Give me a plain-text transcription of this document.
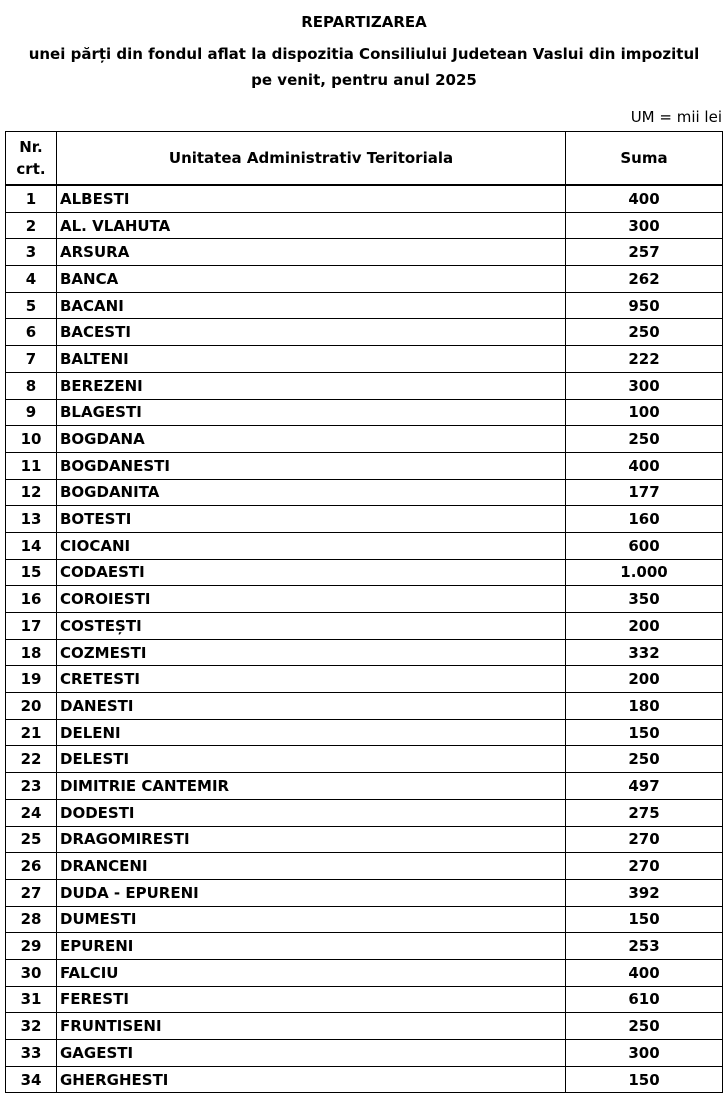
REPARTIZAREA
unei părți din fondul aflat la dispozitia Consiliului Judetean Vaslui din impozitul
pe venit, pentru anul 2025
UM = mii lei
Nr. crt.	Unitatea Administrativ Teritoriala	Suma
1	ALBESTI	400
2	AL. VLAHUTA	300
3	ARSURA	257
4	BANCA	262
5	BACANI	950
6	BACESTI	250
7	BALTENI	222
8	BEREZENI	300
9	BLAGESTI	100
10	BOGDANA	250
11	BOGDANESTI	400
12	BOGDANITA	177
13	BOTESTI	160
14	CIOCANI	600
15	CODAESTI	1.000
16	COROIESTI	350
17	COSTEȘTI	200
18	COZMESTI	332
19	CRETESTI	200
20	DANESTI	180
21	DELENI	150
22	DELESTI	250
23	DIMITRIE CANTEMIR	497
24	DODESTI	275
25	DRAGOMIRESTI	270
26	DRANCENI	270
27	DUDA - EPURENI	392
28	DUMESTI	150
29	EPURENI	253
30	FALCIU	400
31	FERESTI	610
32	FRUNTISENI	250
33	GAGESTI	300
34	GHERGHESTI	150
